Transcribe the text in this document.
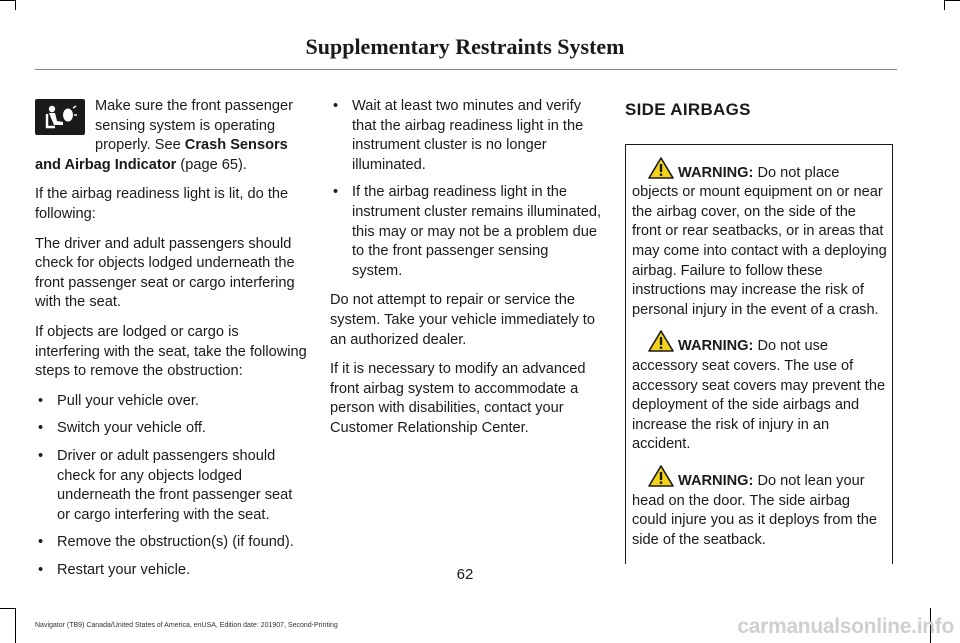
Supplementary Restraints System

Make sure the front passenger sensing system is operating properly. See Crash Sensors and Airbag Indicator (page 65).

If the airbag readiness light is lit, do the following:

The driver and adult passengers should check for objects lodged underneath the front passenger seat or cargo interfering with the seat.

If objects are lodged or cargo is interfering with the seat, take the following steps to remove the obstruction:

• Pull your vehicle over.
• Switch your vehicle off.
• Driver or adult passengers should check for any objects lodged underneath the front passenger seat or cargo interfering with the seat.
• Remove the obstruction(s) (if found).
• Restart your vehicle.
• Wait at least two minutes and verify that the airbag readiness light in the instrument cluster is no longer illuminated.
• If the airbag readiness light in the instrument cluster remains illuminated, this may or may not be a problem due to the front passenger sensing system.

Do not attempt to repair or service the system. Take your vehicle immediately to an authorized dealer.

If it is necessary to modify an advanced front airbag system to accommodate a person with disabilities, contact your Customer Relationship Center.

SIDE AIRBAGS

WARNING: Do not place objects or mount equipment on or near the airbag cover, on the side of the front or rear seatbacks, or in areas that may come into contact with a deploying airbag. Failure to follow these instructions may increase the risk of personal injury in the event of a crash.

WARNING: Do not use accessory seat covers. The use of accessory seat covers may prevent the deployment of the side airbags and increase the risk of injury in an accident.

WARNING: Do not lean your head on the door. The side airbag could injure you as it deploys from the side of the seatback.

62
Navigator (TB9) Canada/United States of America, enUSA, Edition date: 201907, Second-Printing	carmanualsonline.info
